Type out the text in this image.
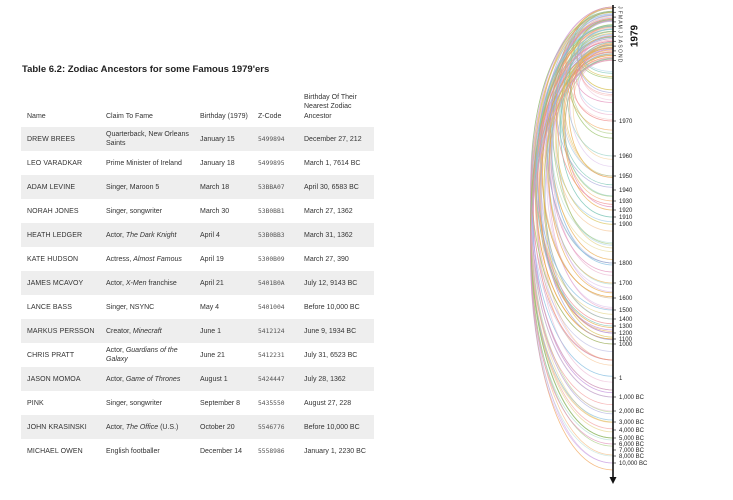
Table 6.2: Zodiac Ancestors for some Famous 1979'ers
Name	Claim To Fame	Birthday (1979)	Z-Code	Birthday Of Their Nearest Zodiac Ancestor
DREW BREES	Quarterback, New Orleans Saints	January 15	5499894	December 27, 212
LEO VARADKAR	Prime Minister of Ireland	January 18	5499895	March 1, 7614 BC
ADAM LEVINE	Singer, Maroon 5	March 18	53BBA07	April 30, 6583 BC
NORAH JONES	Singer, songwriter	March 30	53B0BB1	March 27, 1362
HEATH LEDGER	Actor, The Dark Knight	April 4	53B0BB3	March 31, 1362
KATE HUDSON	Actress, Almost Famous	April 19	5300B09	March 27, 390
JAMES MCAVOY	Actor, X-Men franchise	April 21	5401B0A	July 12, 9143 BC
LANCE BASS	Singer, NSYNC	May 4	5401004	Before 10,000 BC
MARKUS PERSSON	Creator, Minecraft	June 1	5412124	June 9, 1934 BC
CHRIS PRATT	Actor, Guardians of the Galaxy	June 21	5412231	July 31, 6523 BC
JASON MOMOA	Actor, Game of Thrones	August 1	5424447	July 28, 1362
PINK	Singer, songwriter	September 8	5435550	August 27, 228
JOHN KRASINSKI	Actor, The Office (U.S.)	October 20	5546776	Before 10,000 BC
MICHAEL OWEN	English footballer	December 14	5558986	January 1, 2230 BC
J
F
M
A
M
J
J
A
S
O
N
D
1979
1970
1960
1950
1940
1930
1920
1910
1900
1800
1700
1600
1500
1400
1300
1200
1100
1000
1
1,000 BC
2,000 BC
3,000 BC
4,000 BC
5,000 BC
6,000 BC
7,000 BC
8,000 BC
10,000 BC
